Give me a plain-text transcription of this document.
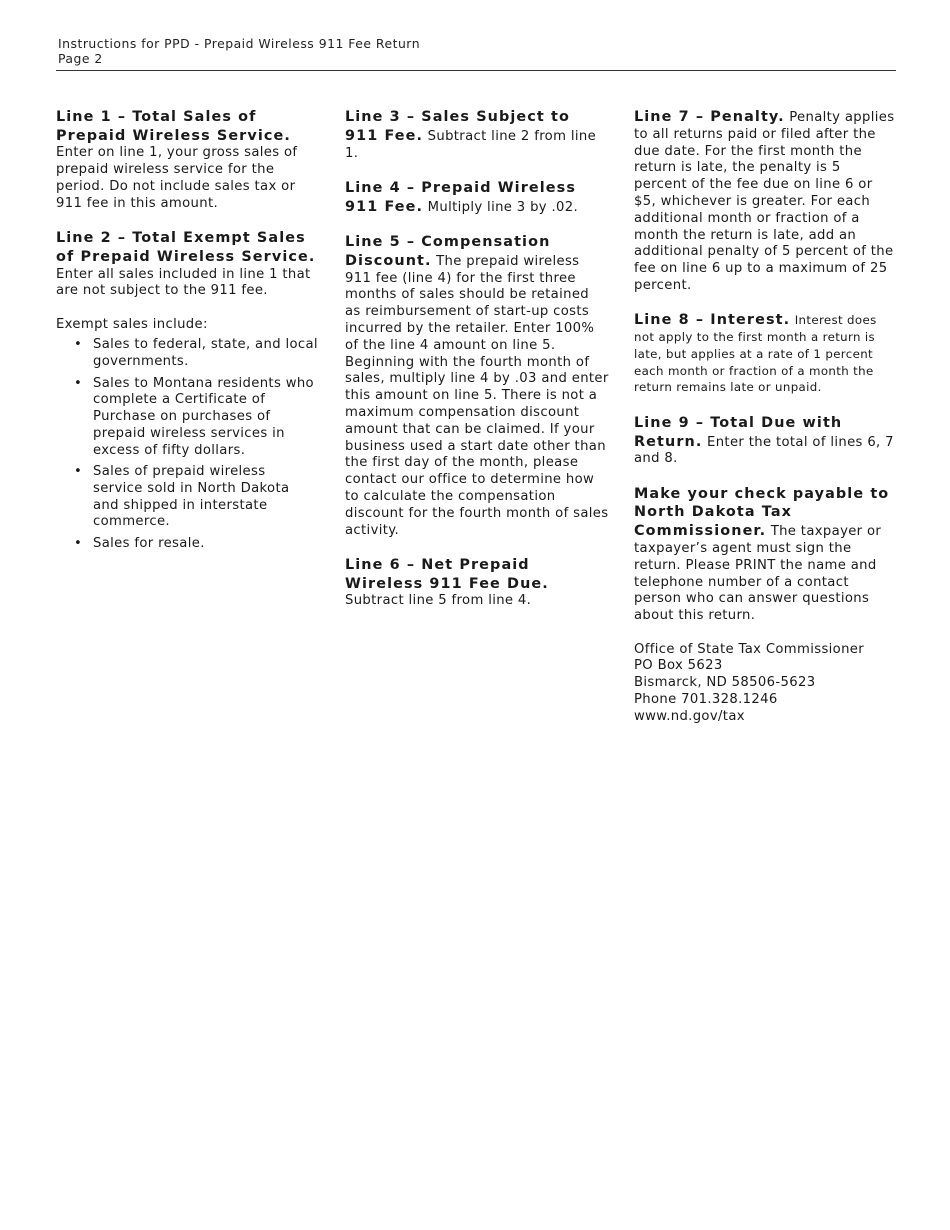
Instructions for PPD - Prepaid Wireless 911 Fee Return
Page 2
Line 1 – Total Sales of Prepaid Wireless Service.
Enter on line 1, your gross sales of prepaid wireless service for the period. Do not include sales tax or 911 fee in this amount.
Line 2 – Total Exempt Sales of Prepaid Wireless Service.
Enter all sales included in line 1 that are not subject to the 911 fee.
Exempt sales include:
• Sales to federal, state, and local governments.
• Sales to Montana residents who complete a Certificate of Purchase on purchases of prepaid wireless services in excess of fifty dollars.
• Sales of prepaid wireless service sold in North Dakota and shipped in interstate commerce.
• Sales for resale.
Line 3 – Sales Subject to 911 Fee. Subtract line 2 from line 1.
Line 4 – Prepaid Wireless 911 Fee. Multiply line 3 by .02.
Line 5 – Compensation Discount. The prepaid wireless 911 fee (line 4) for the first three months of sales should be retained as reimbursement of start-up costs incurred by the retailer. Enter 100% of the line 4 amount on line 5. Beginning with the fourth month of sales, multiply line 4 by .03 and enter this amount on line 5. There is not a maximum compensation discount amount that can be claimed. If your business used a start date other than the first day of the month, please contact our office to determine how to calculate the compensation discount for the fourth month of sales activity.
Line 6 – Net Prepaid Wireless 911 Fee Due. Subtract line 5 from line 4.
Line 7 – Penalty. Penalty applies to all returns paid or filed after the due date. For the first month the return is late, the penalty is 5 percent of the fee due on line 6 or $5, whichever is greater. For each additional month or fraction of a month the return is late, add an additional penalty of 5 percent of the fee on line 6 up to a maximum of 25 percent.
Line 8 – Interest. Interest does not apply to the first month a return is late, but applies at a rate of 1 percent each month or fraction of a month the return remains late or unpaid.
Line 9 – Total Due with Return. Enter the total of lines 6, 7 and 8.
Make your check payable to North Dakota Tax Commissioner. The taxpayer or taxpayer’s agent must sign the return. Please PRINT the name and telephone number of a contact person who can answer questions about this return.
Office of State Tax Commissioner
PO Box 5623
Bismarck, ND 58506-5623
Phone 701.328.1246
www.nd.gov/tax
